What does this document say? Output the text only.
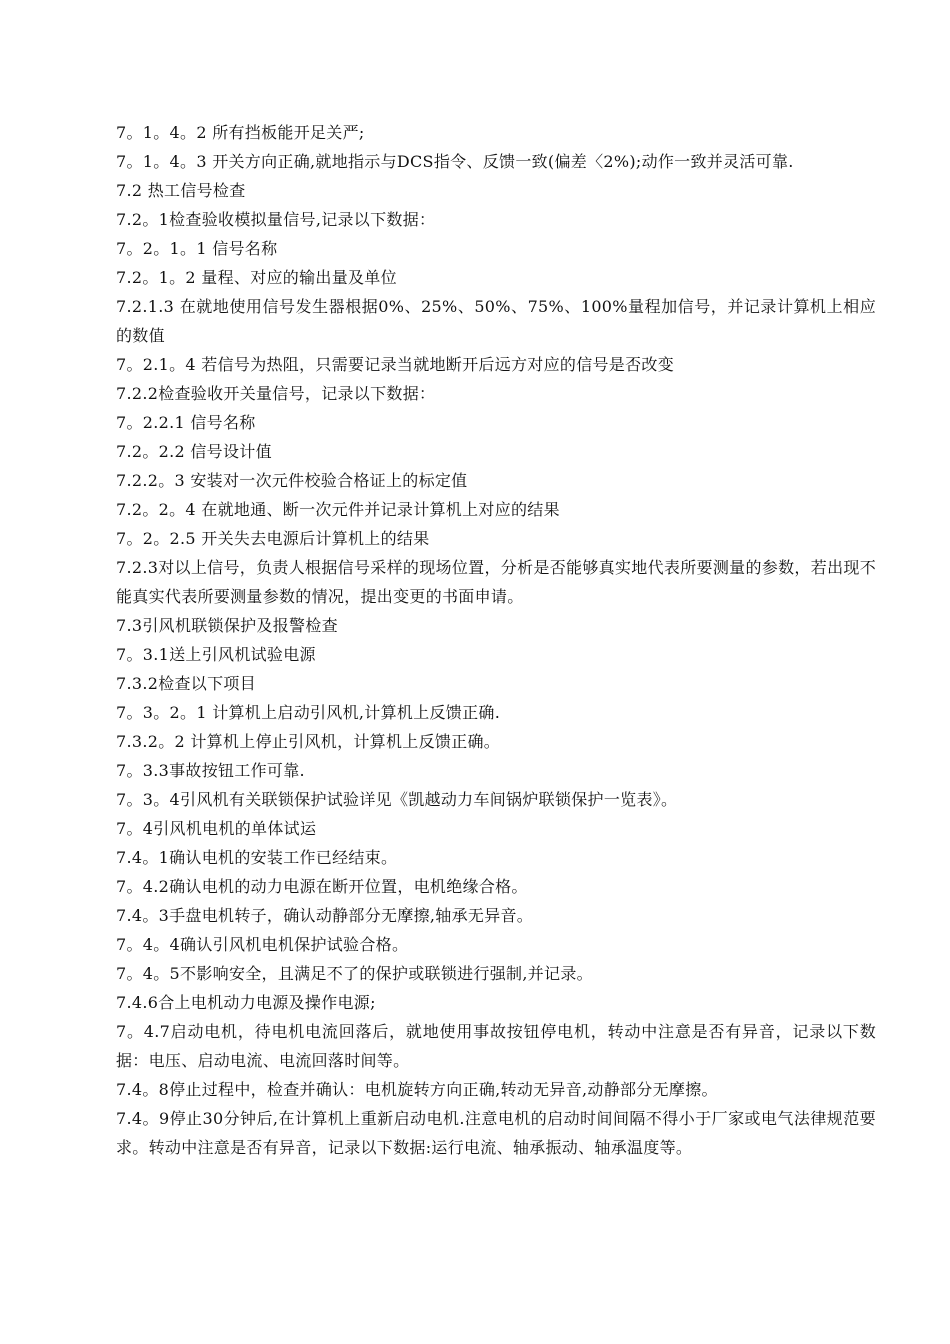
7。1。4。2 所有挡板能开足关严;
7。1。4。3 开关方向正确,就地指示与DCS指令、反馈一致(偏差〈2%);动作一致并灵活可靠.
7.2 热工信号检查
7.2。1检查验收模拟量信号,记录以下数据：
7。2。1。1 信号名称
7.2。1。2 量程、对应的输出量及单位
7.2.1.3 在就地使用信号发生器根据0%、25%、50%、75%、100%量程加信号，并记录计算机上相应的数值
7。2.1。4 若信号为热阻，只需要记录当就地断开后远方对应的信号是否改变
7.2.2检查验收开关量信号，记录以下数据：
7。2.2.1 信号名称
7.2。2.2 信号设计值
7.2.2。3 安装对一次元件校验合格证上的标定值
7.2。2。4 在就地通、断一次元件并记录计算机上对应的结果
7。2。2.5 开关失去电源后计算机上的结果
7.2.3对以上信号，负责人根据信号采样的现场位置，分析是否能够真实地代表所要测量的参数，若出现不能真实代表所要测量参数的情况，提出变更的书面申请。
7.3引风机联锁保护及报警检查
7。3.1送上引风机试验电源
7.3.2检查以下项目
7。3。2。1 计算机上启动引风机,计算机上反馈正确.
7.3.2。2 计算机上停止引风机，计算机上反馈正确。
7。3.3事故按钮工作可靠.
7。3。4引风机有关联锁保护试验详见《凯越动力车间锅炉联锁保护一览表》。
7。4引风机电机的单体试运
7.4。1确认电机的安装工作已经结束。
7。4.2确认电机的动力电源在断开位置，电机绝缘合格。
7.4。3手盘电机转子，确认动静部分无摩擦,轴承无异音。
7。4。4确认引风机电机保护试验合格。
7。4。5不影响安全，且满足不了的保护或联锁进行强制,并记录。
7.4.6合上电机动力电源及操作电源;
7。4.7启动电机，待电机电流回落后，就地使用事故按钮停电机，转动中注意是否有异音，记录以下数据：电压、启动电流、电流回落时间等。
7.4。8停止过程中，检查并确认：电机旋转方向正确,转动无异音,动静部分无摩擦。
7.4。9停止30分钟后,在计算机上重新启动电机.注意电机的启动时间间隔不得小于厂家或电气法律规范要求。转动中注意是否有异音，记录以下数据:运行电流、轴承振动、轴承温度等。
